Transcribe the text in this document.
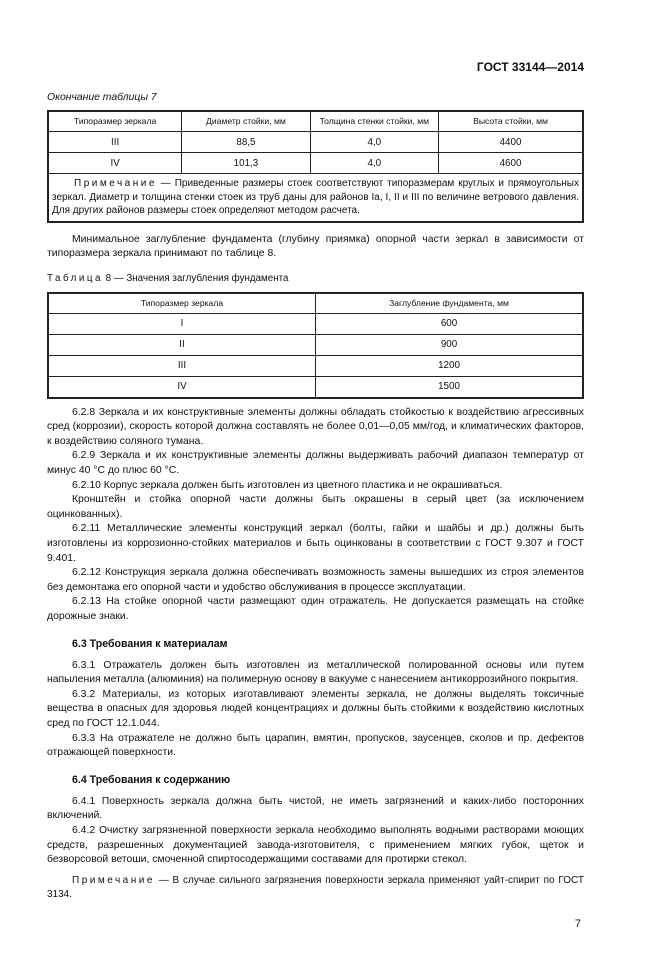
ГОСТ 33144—2014
Окончание таблицы 7
Типоразмер зеркала	Диаметр стойки, мм	Толщина стенки стойки, мм	Высота стойки, мм
III	88,5	4,0	4400
IV	101,3	4,0	4600
Примечание — Приведенные размеры стоек соответствуют типоразмерам круглых и прямоугольных зеркал. Диаметр и толщина стенки стоек из труб даны для районов Iа, I, II и III по величине ветрового давления. Для других районов размеры стоек определяют методом расчета.			

Минимальное заглубление фундамента (глубину приямка) опорной части зеркал в зависимости от типоразмера зеркала принимают по таблице 8.

Таблица 8 — Значения заглубления фундамента
Типоразмер зеркала	Заглубление фундамента, мм
I	600
II	900
III	1200
IV	1500

6.2.8 Зеркала и их конструктивные элементы должны обладать стойкостью к воздействию агрессивных сред (коррозии), скорость которой должна составлять не более 0,01—0,05 мм/год, и климатических факторов, к воздействию соляного тумана.

6.2.9 Зеркала и их конструктивные элементы должны выдерживать рабочий диапазон температур от минус 40 °С до плюс 60 °С.

6.2.10 Корпус зеркала должен быть изготовлен из цветного пластика и не окрашиваться.

Кронштейн и стойка опорной части должны быть окрашены в серый цвет (за исключением оцинкованных).

6.2.11 Металлические элементы конструкций зеркал (болты, гайки и шайбы и др.) должны быть изготовлены из коррозионно-стойких материалов и быть оцинкованы в соответствии с ГОСТ 9.307 и ГОСТ 9.401.

6.2.12 Конструкция зеркала должна обеспечивать возможность замены вышедших из строя элементов без демонтажа его опорной части и удобство обслуживания в процессе эксплуатации.

6.2.13 На стойке опорной части размещают один отражатель. Не допускается размещать на стойке дорожные знаки.

6.3 Требования к материалам

6.3.1 Отражатель должен быть изготовлен из металлической полированной основы или путем напыления металла (алюминия) на полимерную основу в вакууме с нанесением антикоррозийного покрытия.

6.3.2 Материалы, из которых изготавливают элементы зеркала, не должны выделять токсичные вещества в опасных для здоровья людей концентрациях и должны быть стойкими к воздействию кислотных сред по ГОСТ 12.1.044.

6.3.3 На отражателе не должно быть царапин, вмятин, пропусков, заусенцев, сколов и пр. дефектов отражающей поверхности.

6.4 Требования к содержанию

6.4.1 Поверхность зеркала должна быть чистой, не иметь загрязнений и каких-либо посторонних включений.

6.4.2 Очистку загрязненной поверхности зеркала необходимо выполнять водными растворами моющих средств, разрешенных документацией завода-изготовителя, с применением мягких губок, щеток и безворсовой ветоши, смоченной спиртосодержащими составами для протирки стекол.

Примечание — В случае сильного загрязнения поверхности зеркала применяют уайт-спирит по ГОСТ 3134.

7
